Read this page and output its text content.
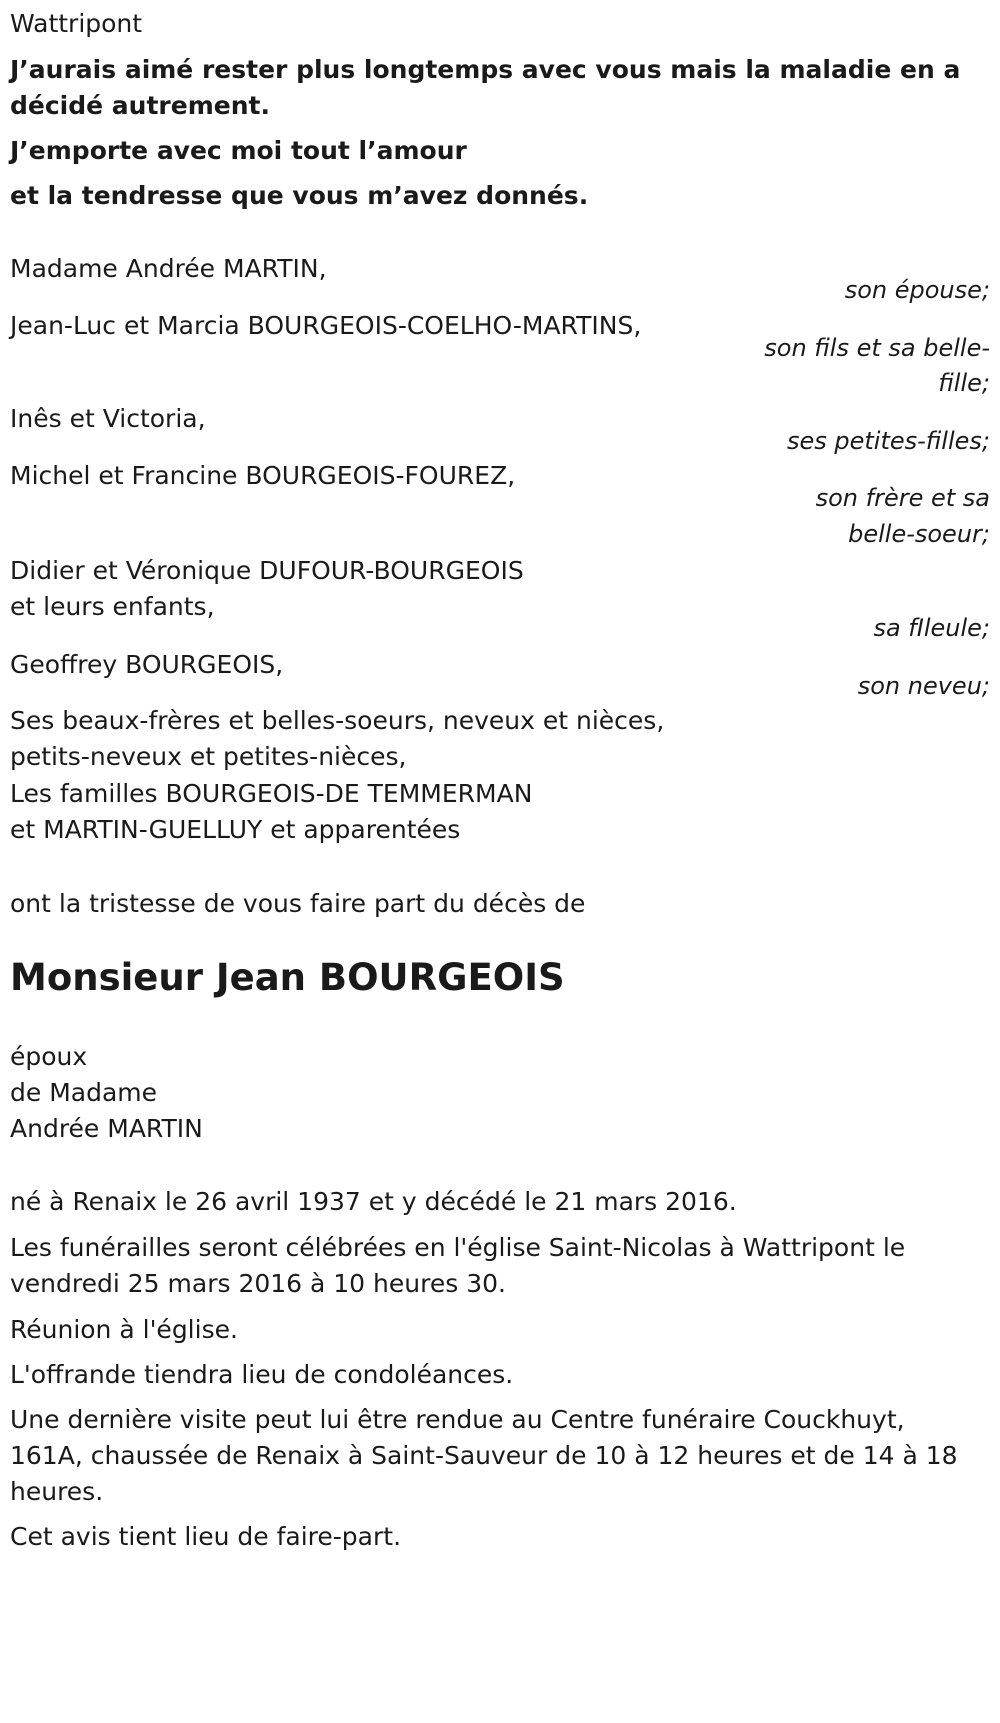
Wattripont

J’aurais aimé rester plus longtemps avec vous mais la maladie en a

décidé autrement.

J’emporte avec moi tout l’amour

et la tendresse que vous m’avez donnés.

Madame Andrée MARTIN,

son épouse;

Jean-Luc et Marcia BOURGEOIS-COELHO-MARTINS,

son fils et sa belle-

fille;

Inês et Victoria,

ses petites-filles;

Michel et Francine BOURGEOIS-FOUREZ,

son frère et sa

belle-soeur;

Didier et Véronique DUFOUR-BOURGEOIS

et leurs enfants,

sa fIleule;

Geoffrey BOURGEOIS,

son neveu;

Ses beaux-frères et belles-soeurs, neveux et nièces,

petits-neveux et petites-nièces,

Les familles BOURGEOIS-DE TEMMERMAN

et MARTIN-GUELLUY et apparentées

ont la tristesse de vous faire part du décès de

Monsieur Jean BOURGEOIS

époux

de Madame

Andrée MARTIN

né à Renaix le 26 avril 1937 et y décédé le 21 mars 2016.

Les funérailles seront célébrées en l'église Saint-Nicolas à Wattripont le

vendredi 25 mars 2016 à 10 heures 30.

Réunion à l'église.

L'offrande tiendra lieu de condoléances.

Une dernière visite peut lui être rendue au Centre funéraire Couckhuyt,

161A, chaussée de Renaix à Saint-Sauveur de 10 à 12 heures et de 14 à 18

heures.

Cet avis tient lieu de faire-part.
